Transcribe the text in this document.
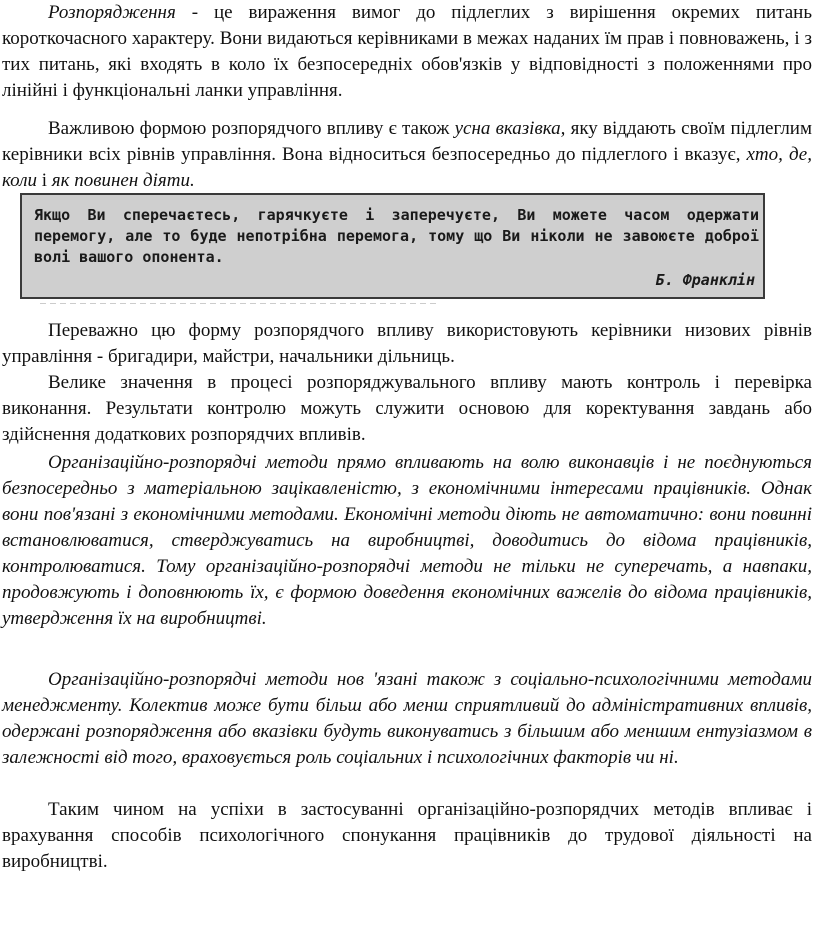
Розпорядження - це вираження вимог до підлеглих з вирішення окремих питань короткочасного характеру. Вони видаються керівниками в межах наданих їм прав і повноважень, і з тих питань, які входять в коло їх безпосередніх обов'язків у відповідності з положеннями про лінійні і функціональні ланки управління.

Важливою формою розпорядчого впливу є також усна вказівка, яку віддають своїм підлеглим керівники всіх рівнів управління. Вона відноситься безпосередньо до підлеглого і вказує, хто, де, коли і як повинен діяти.

Якщо Ви сперечаєтесь, гарячкуєте і заперечуєте, Ви можете часом одержати перемогу, але то буде непотрібна перемога, тому що Ви ніколи не завоюєте доброї волі вашого опонента.

Б. Франклін

Переважно цю форму розпорядчого впливу використовують керівники низових рівнів управління - бригадири, майстри, начальники дільниць.

Велике значення в процесі розпоряджувального впливу мають контроль і перевірка виконання. Результати контролю можуть служити основою для коректування завдань або здійснення додаткових розпорядчих впливів.

Організаційно-розпорядчі методи прямо впливають на волю виконавців і не поєднуються безпосередньо з матеріальною зацікавленістю, з економічними інтересами працівників. Однак вони пов'язані з економічними методами. Економічні методи діють не автоматично: вони повинні встановлюватися, стверджуватись на виробництві, доводитись до відома працівників, контролюватися. Тому організаційно-розпорядчі методи не тільки не суперечать, а навпаки, продовжують і доповнюють їх, є формою доведення економічних важелів до відома працівників, утвердження їх на виробництві.

Організаційно-розпорядчі методи нов 'язані також з соціально-психологічними методами менеджменту. Колектив може бути більш або менш сприятливий до адміністративних впливів, одержані розпорядження або вказівки будуть виконуватись з більшим або меншим ентузіазмом в залежності від того, враховується роль соціальних і психологічних факторів чи ні.

Таким чином на успіхи в застосуванні організаційно-розпорядчих методів впливає і врахування способів психологічного спонукання працівників до трудової діяльності на виробництві.
